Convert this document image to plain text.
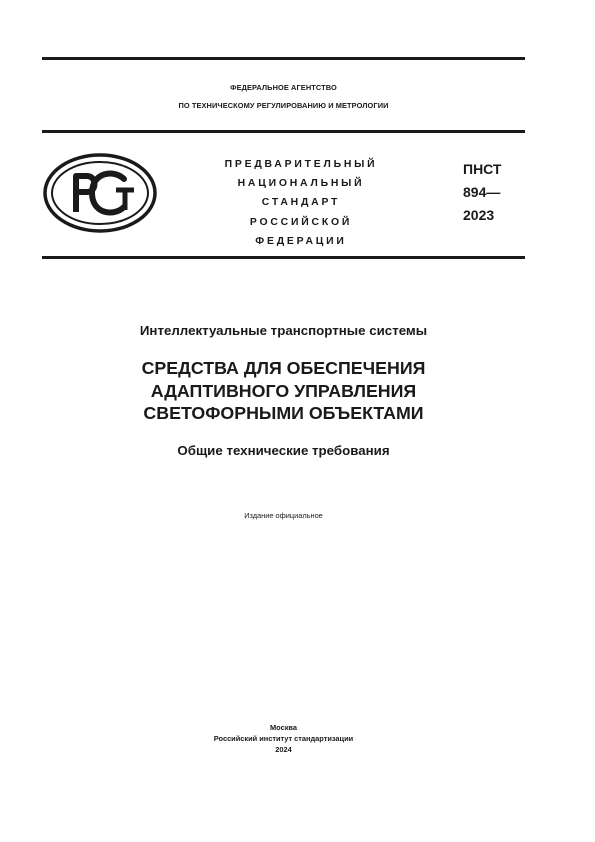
ФЕДЕРАЛЬНОЕ АГЕНТСТВО
ПО ТЕХНИЧЕСКОМУ РЕГУЛИРОВАНИЮ И МЕТРОЛОГИИ
ПРЕДВАРИТЕЛЬНЫЙ
НАЦИОНАЛЬНЫЙ
СТАНДАРТ
РОССИЙСКОЙ
ФЕДЕРАЦИИ
ПНСТ
894—
2023
Интеллектуальные транспортные системы
СРЕДСТВА ДЛЯ ОБЕСПЕЧЕНИЯ
АДАПТИВНОГО УПРАВЛЕНИЯ
СВЕТОФОРНЫМИ ОБЪЕКТАМИ
Общие технические требования
Издание официальное
Москва
Российский институт стандартизации
2024
